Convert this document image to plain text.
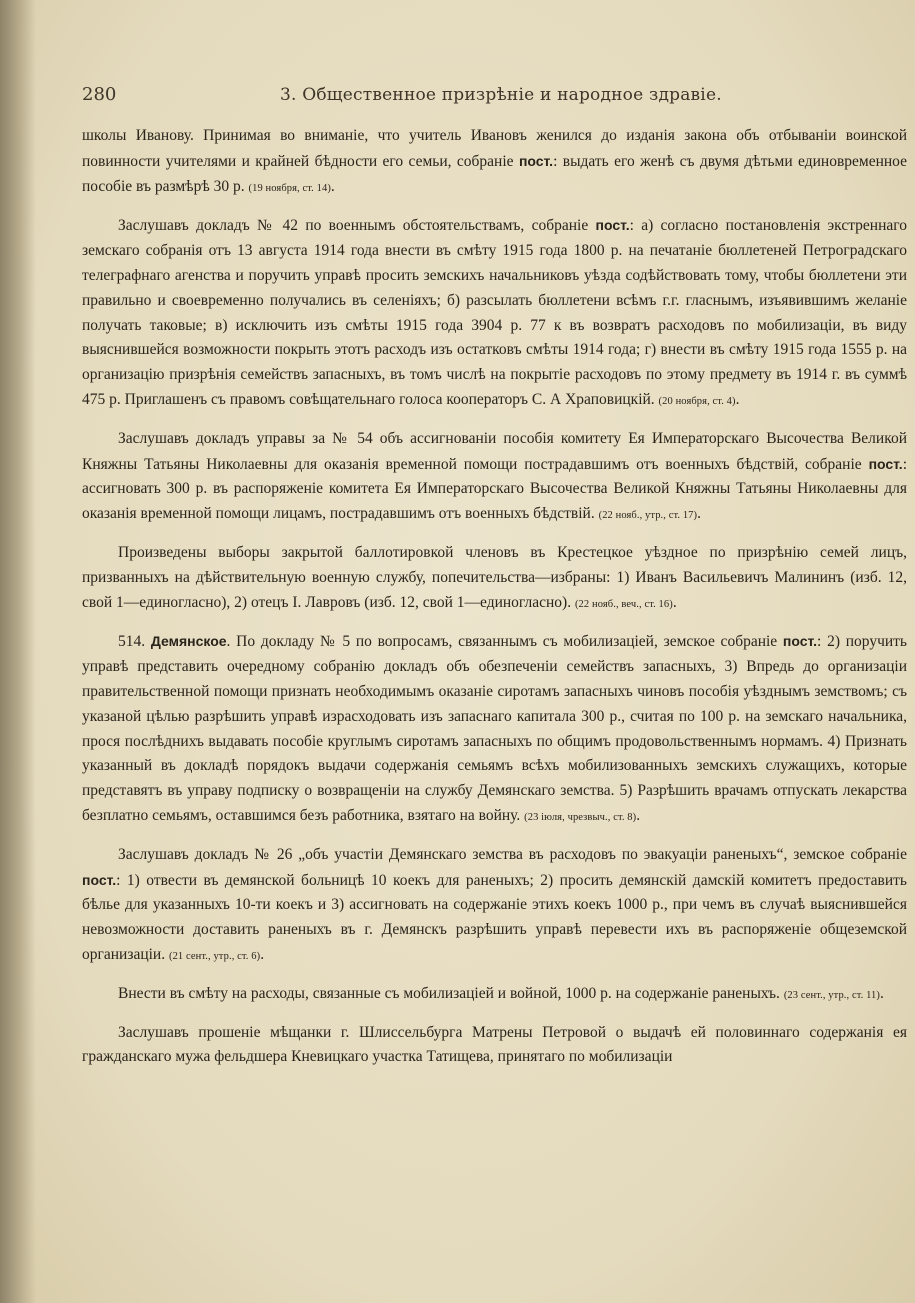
280	3. Общественное призрѣніе и народное здравіе.

школы Иванову. Принимая во вниманіе, что учитель Ивановъ женился до изданія закона объ отбываніи воинской повинности учителями и крайней бѣдности его семьи, собраніе пост.: выдать его женѣ съ двумя дѣтьми единовременное пособіе въ размѣрѣ 30 р. (19 ноября, ст. 14).

Заслушавъ докладъ № 42 по военнымъ обстоятельствамъ, собраніе пост.: а) согласно постановленія экстреннаго земскаго собранія отъ 13 августа 1914 года внести въ смѣту 1915 года 1800 р. на печатаніе бюллетеней Петроградскаго телеграфнаго агенства и поручить управѣ просить земскихъ начальниковъ уѣзда содѣйствовать тому, чтобы бюллетени эти правильно и своевременно получались въ селеніяхъ; б) разсылать бюллетени всѣмъ г.г. гласнымъ, изъявившимъ желаніе получать таковые; в) исключить изъ смѣты 1915 года 3904 р. 77 к въ возвратъ расходовъ по мобилизаціи, въ виду выяснившейся возможности покрыть этотъ расходъ изъ остатковъ смѣты 1914 года; г) внести въ смѣту 1915 года 1555 р. на организацію призрѣнія семействъ запасныхъ, въ томъ числѣ на покрытіе расходовъ по этому предмету въ 1914 г. въ суммѣ 475 р. Приглашенъ съ правомъ совѣщательнаго голоса кооператоръ С. А Храповицкій. (20 ноября, ст. 4).

Заслушавъ докладъ управы за № 54 объ ассигнованіи пособія комитету Ея Императорскаго Высочества Великой Княжны Татьяны Николаевны для оказанія временной помощи пострадавшимъ отъ военныхъ бѣдствій, собраніе пост.: ассигновать 300 р. въ распоряженіе комитета Ея Императорскаго Высочества Великой Княжны Татьяны Николаевны для оказанія временной помощи лицамъ, пострадавшимъ отъ военныхъ бѣдствій. (22 нояб., утр., ст. 17).

Произведены выборы закрытой баллотировкой членовъ въ Крестецкое уѣздное по призрѣнію семей лицъ, призванныхъ на дѣйствительную военную службу, попечительства—избраны: 1) Иванъ Васильевичъ Малининъ (изб. 12, свой 1—единогласно), 2) отецъ І. Лавровъ (изб. 12, свой 1—единогласно). (22 нояб., веч., ст. 16).

514. Демянское. По докладу № 5 по вопросамъ, связаннымъ съ мобилизаціей, земское собраніе пост.: 2) поручить управѣ представить очередному собранію докладъ объ обезпеченіи семействъ запасныхъ, 3) Впредь до организаціи правительственной помощи признать необходимымъ оказаніе сиротамъ запасныхъ чиновъ пособія уѣзднымъ земствомъ; съ указаной цѣлью разрѣшить управѣ израсходовать изъ запаснаго капитала 300 р., считая по 100 р. на земскаго начальника, прося послѣднихъ выдавать пособіе круглымъ сиротамъ запасныхъ по общимъ продовольственнымъ нормамъ. 4) Признать указанный въ докладѣ порядокъ выдачи содержанія семьямъ всѣхъ мобилизованныхъ земскихъ служащихъ, которые представятъ въ управу подписку о возвращеніи на службу Демянскаго земства. 5) Разрѣшить врачамъ отпускать лекарства безплатно семьямъ, оставшимся безъ работника, взятаго на войну. (23 іюля, чрезвыч., ст. 8).

Заслушавъ докладъ № 26 „объ участіи Демянскаго земства въ расходовъ по эвакуаціи раненыхъ“, земское собраніе пост.: 1) отвести въ демянской больницѣ 10 коекъ для раненыхъ; 2) просить демянскій дамскій комитетъ предоставить бѣлье для указанныхъ 10-ти коекъ и 3) ассигновать на содержаніе этихъ коекъ 1000 р., при чемъ въ случаѣ выяснившейся невозможности доставить раненыхъ въ г. Демянскъ разрѣшить управѣ перевести ихъ въ распоряженіе общеземской организаціи. (21 сент., утр., ст. 6).

Внести въ смѣту на расходы, связанные съ мобилизаціей и войной, 1000 р. на содержаніе раненыхъ. (23 сент., утр., ст. 11).

Заслушавъ прошеніе мѣщанки г. Шлиссельбурга Матрены Петровой о выдачѣ ей половиннаго содержанія ея гражданскаго мужа фельдшера Кневицкаго участка Татищева, принятаго по мобилизаціи
